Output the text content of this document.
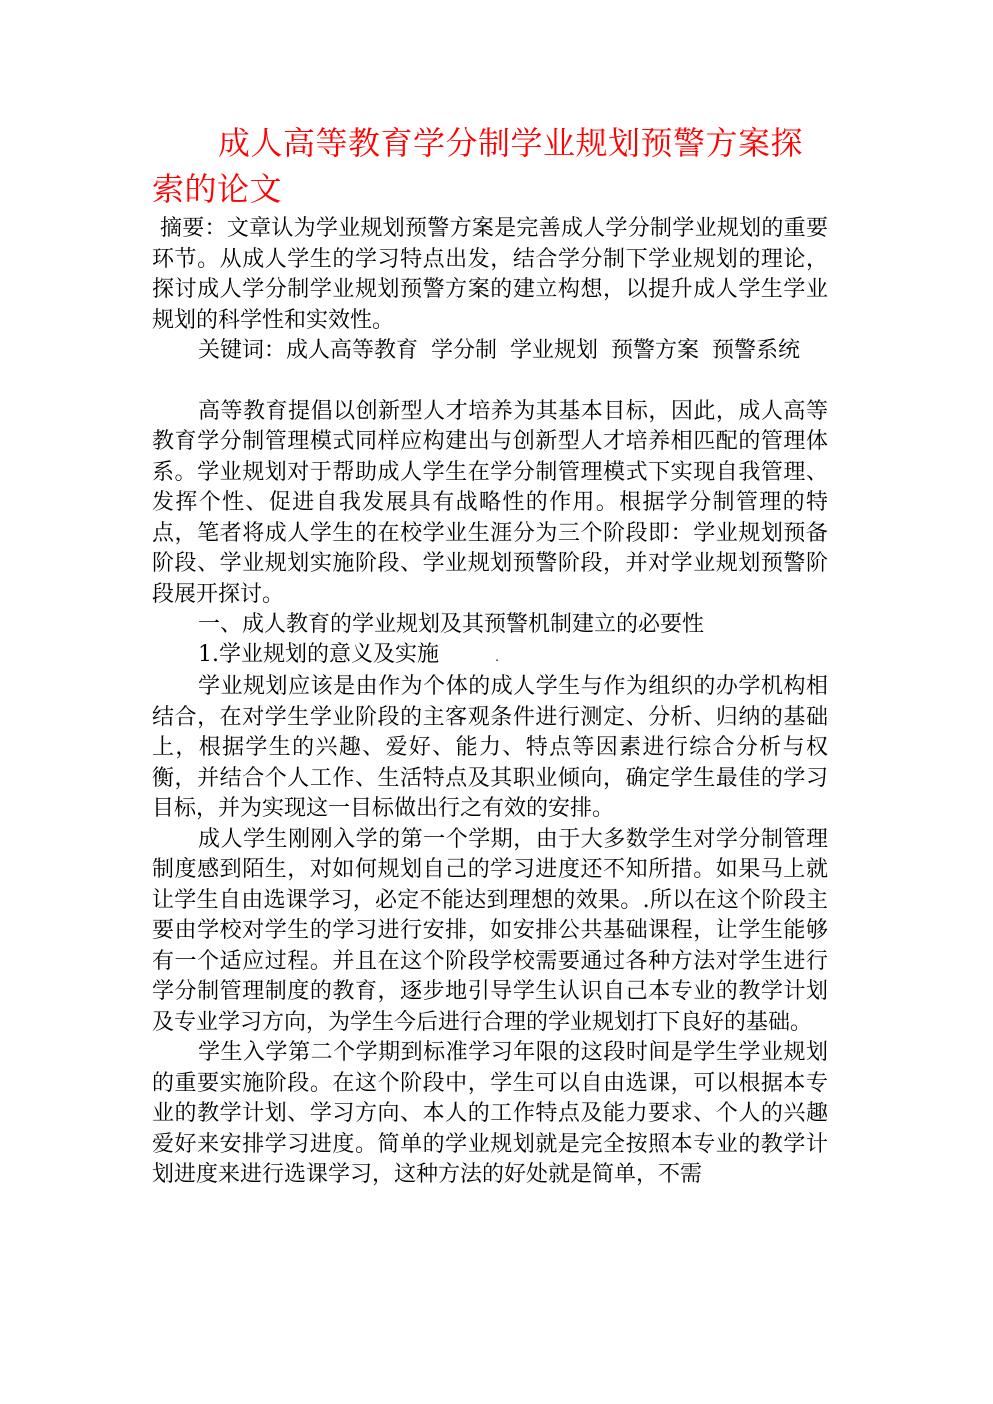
成人高等教育学分制学业规划预警方案探索的论文

摘要：文章认为学业规划预警方案是完善成人学分制学业规划的重要环节。从成人学生的学习特点出发，结合学分制下学业规划的理论，探讨成人学分制学业规划预警方案的建立构想，以提升成人学生学业规划的科学性和实效性。

关键词：成人高等教育 学分制 学业规划 预警方案 预警系统

高等教育提倡以创新型人才培养为其基本目标，因此，成人高等教育学分制管理模式同样应构建出与创新型人才培养相匹配的管理体系。学业规划对于帮助成人学生在学分制管理模式下实现自我管理、发挥个性、促进自我发展具有战略性的作用。根据学分制管理的特点，笔者将成人学生的在校学业生涯分为三个阶段即：学业规划预备阶段、学业规划实施阶段、学业规划预警阶段，并对学业规划预警阶段展开探讨。

一、成人教育的学业规划及其预警机制建立的必要性
1.学业规划的意义及实施	.

学业规划应该是由作为个体的成人学生与作为组织的办学机构相结合，在对学生学业阶段的主客观条件进行测定、分析、归纳的基础上，根据学生的兴趣、爱好、能力、特点等因素进行综合分析与权衡，并结合个人工作、生活特点及其职业倾向，确定学生最佳的学习目标，并为实现这一目标做出行之有效的安排。

成人学生刚刚入学的第一个学期，由于大多数学生对学分制管理制度感到陌生，对如何规划自己的学习进度还不知所措。如果马上就让学生自由选课学习，必定不能达到理想的效果。.所以在这个阶段主要由学校对学生的学习进行安排，如安排公共基础课程，让学生能够有一个适应过程。并且在这个阶段学校需要通过各种方法对学生进行学分制管理制度的教育，逐步地引导学生认识自己本专业的教学计划及专业学习方向，为学生今后进行合理的学业规划打下良好的基础。

学生入学第二个学期到标准学习年限的这段时间是学生学业规划的重要实施阶段。在这个阶段中，学生可以自由选课，可以根据本专业的教学计划、学习方向、本人的工作特点及能力要求、个人的兴趣爱好来安排学习进度。简单的学业规划就是完全按照本专业的教学计划进度来进行选课学习，这种方法的好处就是简单，不需
